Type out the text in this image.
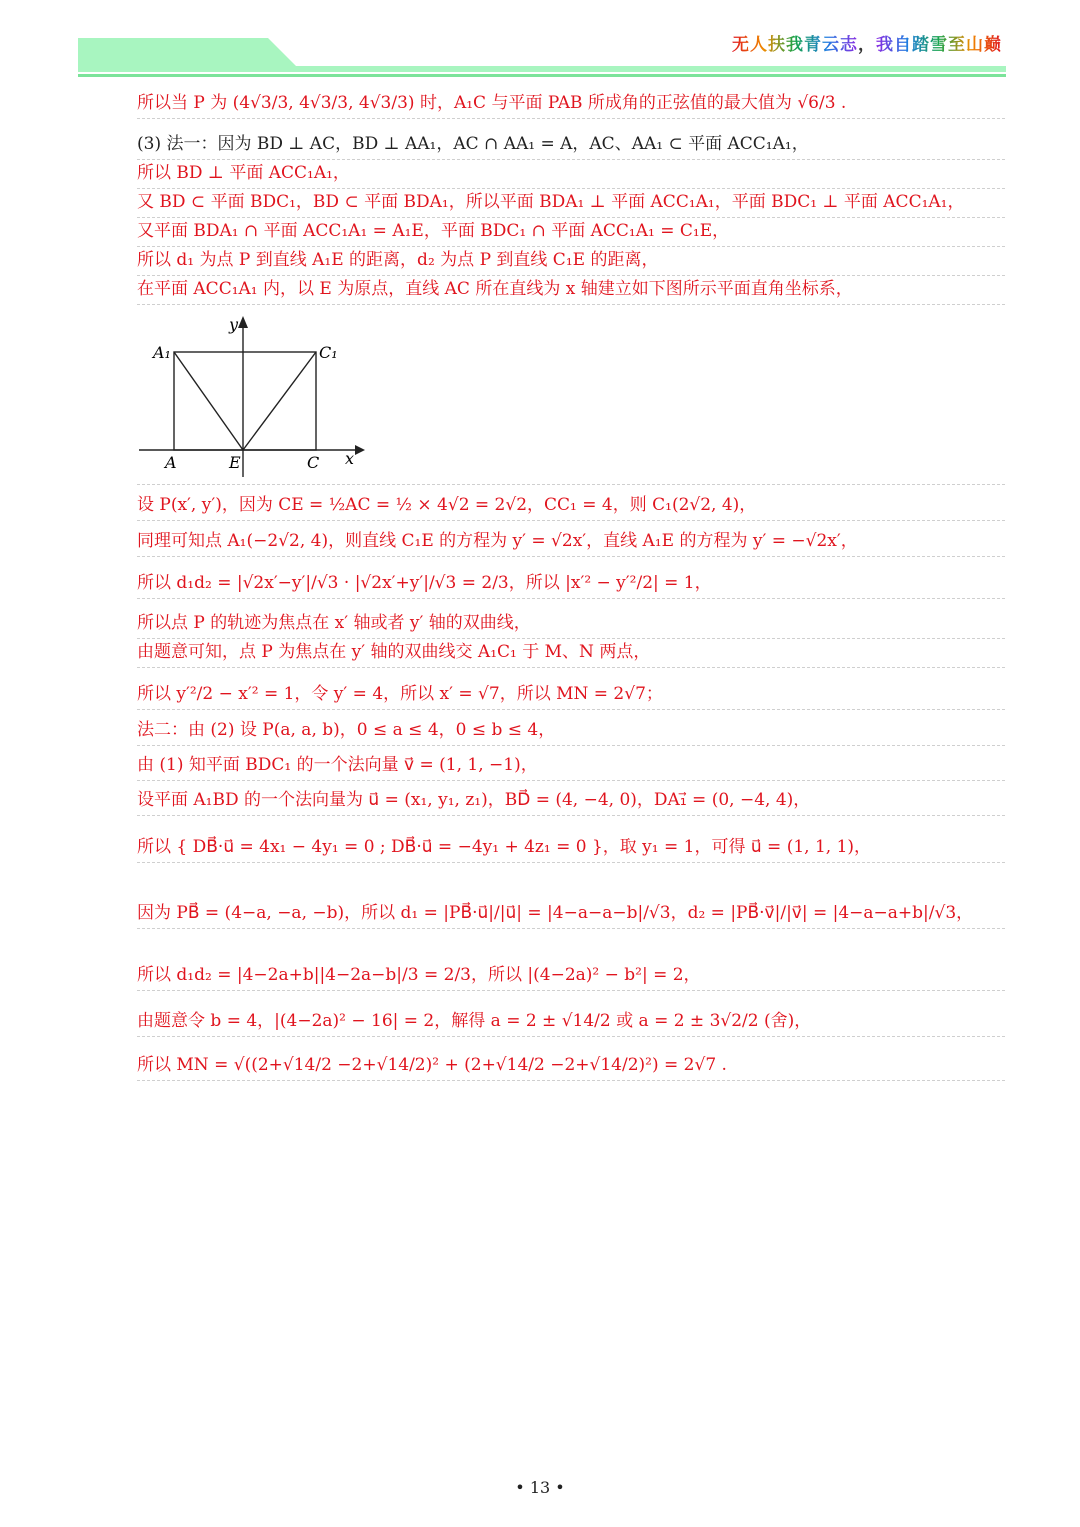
无人扶我青云志，我自踏雪至山巅
所以当 P 为 (4√3/3, 4√3/3, 4√3/3) 时，A₁C 与平面 PAB 所成角的正弦值的最大值为 √6/3 .
(3) 法一：因为 BD ⊥ AC，BD ⊥ AA₁，AC ∩ AA₁ = A，AC、AA₁ ⊂ 平面 ACC₁A₁，
所以 BD ⊥ 平面 ACC₁A₁，
又 BD ⊂ 平面 BDC₁，BD ⊂ 平面 BDA₁，所以平面 BDA₁ ⊥ 平面 ACC₁A₁，平面 BDC₁ ⊥ 平面 ACC₁A₁，
又平面 BDA₁ ∩ 平面 ACC₁A₁ = A₁E，平面 BDC₁ ∩ 平面 ACC₁A₁ = C₁E，
所以 d₁ 为点 P 到直线 A₁E 的距离，d₂ 为点 P 到直线 C₁E 的距离，
在平面 ACC₁A₁ 内，以 E 为原点，直线 AC 所在直线为 x 轴建立如下图所示平面直角坐标系，
设 P(x′, y′)，因为 CE = ½AC = ½ × 4√2 = 2√2，CC₁ = 4，则 C₁(2√2, 4)，
同理可知点 A₁(−2√2, 4)，则直线 C₁E 的方程为 y′ = √2x′，直线 A₁E 的方程为 y′ = −√2x′，
所以 d₁d₂ = |√2x′−y′|/√3 · |√2x′+y′|/√3 = 2/3，所以 |x′² − y′²/2| = 1，
所以点 P 的轨迹为焦点在 x′ 轴或者 y′ 轴的双曲线，
由题意可知，点 P 为焦点在 y′ 轴的双曲线交 A₁C₁ 于 M、N 两点，
所以 y′²/2 − x′² = 1，令 y′ = 4，所以 x′ = √7，所以 MN = 2√7；
法二：由 (2) 设 P(a, a, b)，0 ≤ a ≤ 4，0 ≤ b ≤ 4，
由 (1) 知平面 BDC₁ 的一个法向量 v⃗ = (1, 1, −1)，
设平面 A₁BD 的一个法向量为 u⃗ = (x₁, y₁, z₁)，BD⃗ = (4, −4, 0)，DA₁⃗ = (0, −4, 4)，
所以 { DB⃗·u⃗ = 4x₁ − 4y₁ = 0 ; DB⃗·u⃗ = −4y₁ + 4z₁ = 0 }，取 y₁ = 1，可得 u⃗ = (1, 1, 1)，
因为 PB⃗ = (4−a, −a, −b)，所以 d₁ = |PB⃗·u⃗|/|u⃗| = |4−a−a−b|/√3，d₂ = |PB⃗·v⃗|/|v⃗| = |4−a−a+b|/√3，
所以 d₁d₂ = |4−2a+b||4−2a−b|/3 = 2/3，所以 |(4−2a)² − b²| = 2，
由题意令 b = 4，|(4−2a)² − 16| = 2，解得 a = 2 ± √14/2 或 a = 2 ± 3√2/2 (舍)，
所以 MN = √((2+√14/2 −2+√14/2)² + (2+√14/2 −2+√14/2)²) = 2√7 .
y
A₁	C₁
A	E	C x
• 13 •
